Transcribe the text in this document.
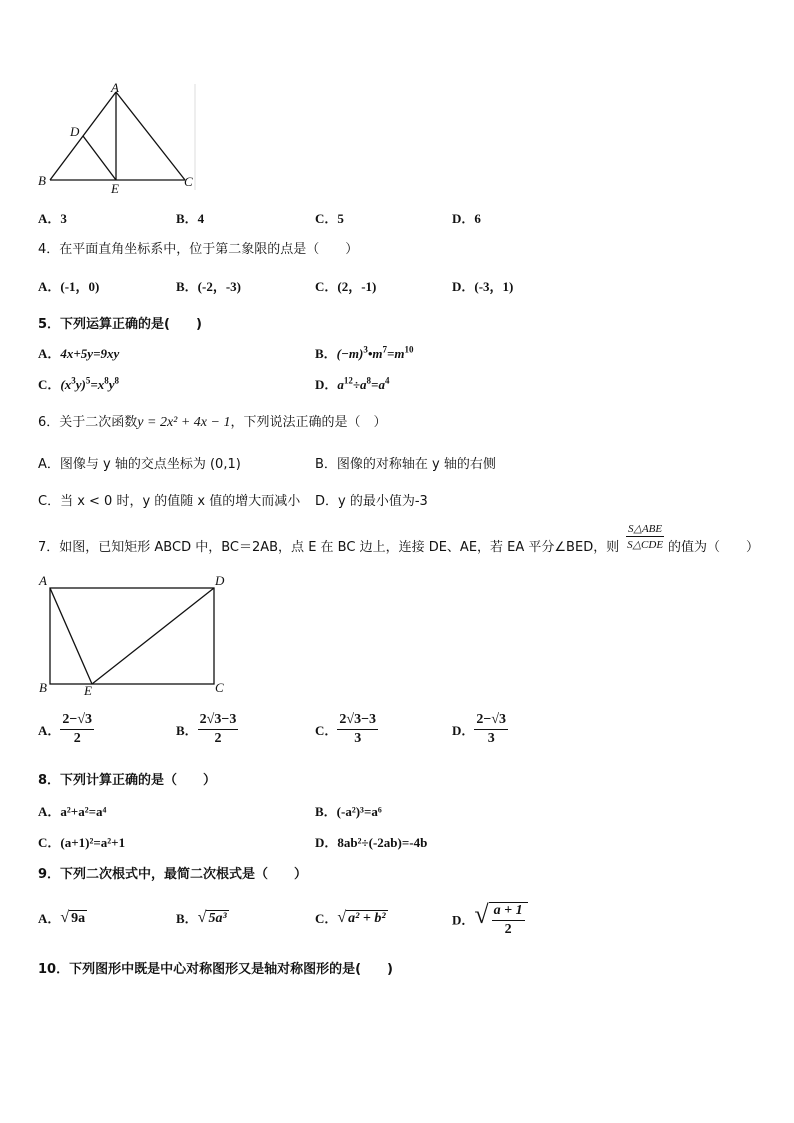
A
D
B
E	C
A．3	B．4	C．5	D．6
4．在平面直角坐标系中，位于第二象限的点是（　　）
A．(-1，0)	B．(-2，-3)	C．(2，-1)	D．(-3，1)
5．下列运算正确的是(　　)
A．4x+5y=9xy	B．$(-m)^3•m^7=m^{10}$
C．$(x^3y)^5=x^8y^8$	D．$a^{12}\div a^8=a^4$
6．关于二次函数y = 2x² + 4x − 1，下列说法正确的是（　）
A．图像与 y 轴的交点坐标为 (0,1)	B．图像的对称轴在 y 轴的右侧
C．当 x < 0 时，y 的值随 x 值的增大而减小 D．y 的最小值为-3
7．如图，已知矩形 ABCD 中，BC＝2AB，点 E 在 BC 边上，连接 DE、AE，若 EA 平分∠BED，则
S△ABE
S△CDE 的值为（　　）
A	D
B	E	C
A． $\frac{2-√3}{2}$	B． $\frac{2√3-3}{2}$	C． $\frac{2√3-3}{3}$	D． $\frac{2-√3}{3}$
8．下列计算正确的是（　　）
A．a²+a²=a⁴	B．(-a²)³=a⁶
C．(a+1)²=a²+1	D．8ab²÷(-2ab)=-4b
9．下列二次根式中，最简二次根式是（　　）
A．√ 9a	B．√ 5a³	C．√ a² + b²	D．√ $\frac{a + 1}{2}$
10．下列图形中既是中心对称图形又是轴对称图形的是(　　)
